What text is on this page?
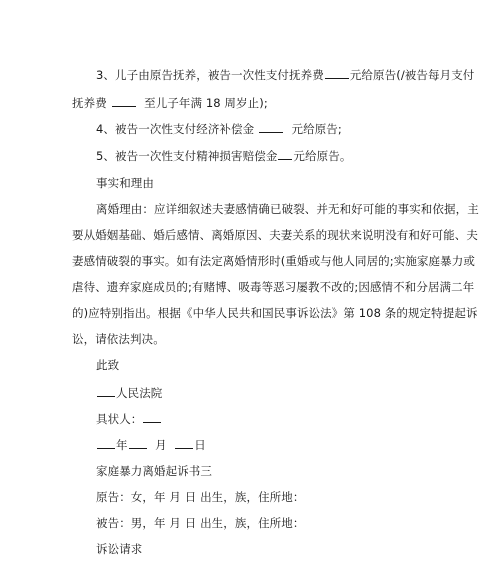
3、儿子由原告抚养，被告一次性支付抚养费 元给原告(/被告每月支付
抚养费	至儿子年满 18 周岁止);
4、被告一次性支付经济补偿金	元给原告;
5、被告一次性支付精神损害赔偿金 元给原告。
事实和理由
离婚理由：应详细叙述夫妻感情确已破裂、并无和好可能的事实和依据，主
要从婚姻基础、婚后感情、离婚原因、夫妻关系的现状来说明没有和好可能、夫
妻感情破裂的事实。如有法定离婚情形时(重婚或与他人同居的;实施家庭暴力或
虐待、遗弃家庭成员的;有赌博、吸毒等恶习屡教不改的;因感情不和分居满二年
的)应特别指出。根据《中华人民共和国民事诉讼法》第 108 条的规定特提起诉
讼，请依法判决。
此致
人民法院
具状人：
年 月 日
家庭暴力离婚起诉书三
原告：女，年 月 日 出生，族，住所地：
被告：男，年 月 日 出生，族，住所地：
诉讼请求
